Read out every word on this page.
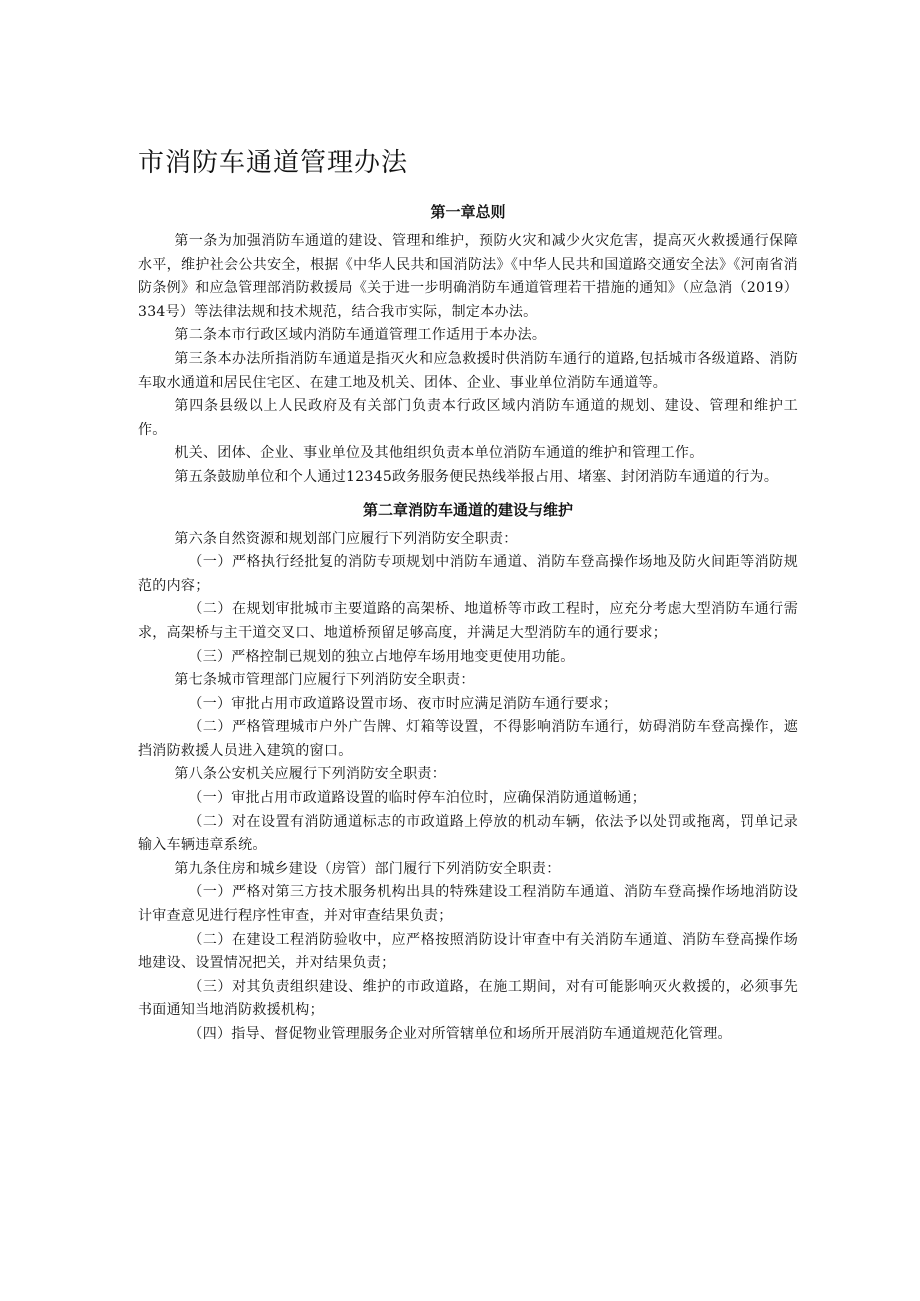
市消防车通道管理办法
第一章总则

第一条为加强消防车通道的建设、管理和维护，预防火灾和减少火灾危害，提高灭火救援通行保障水平，维护社会公共安全，根据《中华人民共和国消防法》《中华人民共和国道路交通安全法》《河南省消防条例》和应急管理部消防救援局《关于进一步明确消防车通道管理若干措施的通知》（应急消（2019）334号）等法律法规和技术规范，结合我市实际，制定本办法。

第二条本市行政区域内消防车通道管理工作适用于本办法。

第三条本办法所指消防车通道是指灭火和应急救援时供消防车通行的道路,包括城市各级道路、消防车取水通道和居民住宅区、在建工地及机关、团体、企业、事业单位消防车通道等。

第四条县级以上人民政府及有关部门负责本行政区域内消防车通道的规划、建设、管理和维护工作。

机关、团体、企业、事业单位及其他组织负责本单位消防车通道的维护和管理工作。

第五条鼓励单位和个人通过12345政务服务便民热线举报占用、堵塞、封闭消防车通道的行为。

第二章消防车通道的建设与维护

第六条自然资源和规划部门应履行下列消防安全职责：

（一）严格执行经批复的消防专项规划中消防车通道、消防车登高操作场地及防火间距等消防规范的内容；

（二）在规划审批城市主要道路的高架桥、地道桥等市政工程时，应充分考虑大型消防车通行需求，高架桥与主干道交叉口、地道桥预留足够高度，并满足大型消防车的通行要求；

（三）严格控制已规划的独立占地停车场用地变更使用功能。

第七条城市管理部门应履行下列消防安全职责：

（一）审批占用市政道路设置市场、夜市时应满足消防车通行要求；

（二）严格管理城市户外广告牌、灯箱等设置，不得影响消防车通行，妨碍消防车登高操作，遮挡消防救援人员进入建筑的窗口。

第八条公安机关应履行下列消防安全职责：

（一）审批占用市政道路设置的临时停车泊位时，应确保消防通道畅通；

（二）对在设置有消防通道标志的市政道路上停放的机动车辆，依法予以处罚或拖离，罚单记录输入车辆违章系统。

第九条住房和城乡建设（房管）部门履行下列消防安全职责：

（一）严格对第三方技术服务机构出具的特殊建设工程消防车通道、消防车登高操作场地消防设计审查意见进行程序性审查，并对审查结果负责；

（二）在建设工程消防验收中，应严格按照消防设计审查中有关消防车通道、消防车登高操作场地建设、设置情况把关，并对结果负责；

（三）对其负责组织建设、维护的市政道路，在施工期间，对有可能影响灭火救援的，必须事先书面通知当地消防救援机构；

（四）指导、督促物业管理服务企业对所管辖单位和场所开展消防车通道规范化管理。
